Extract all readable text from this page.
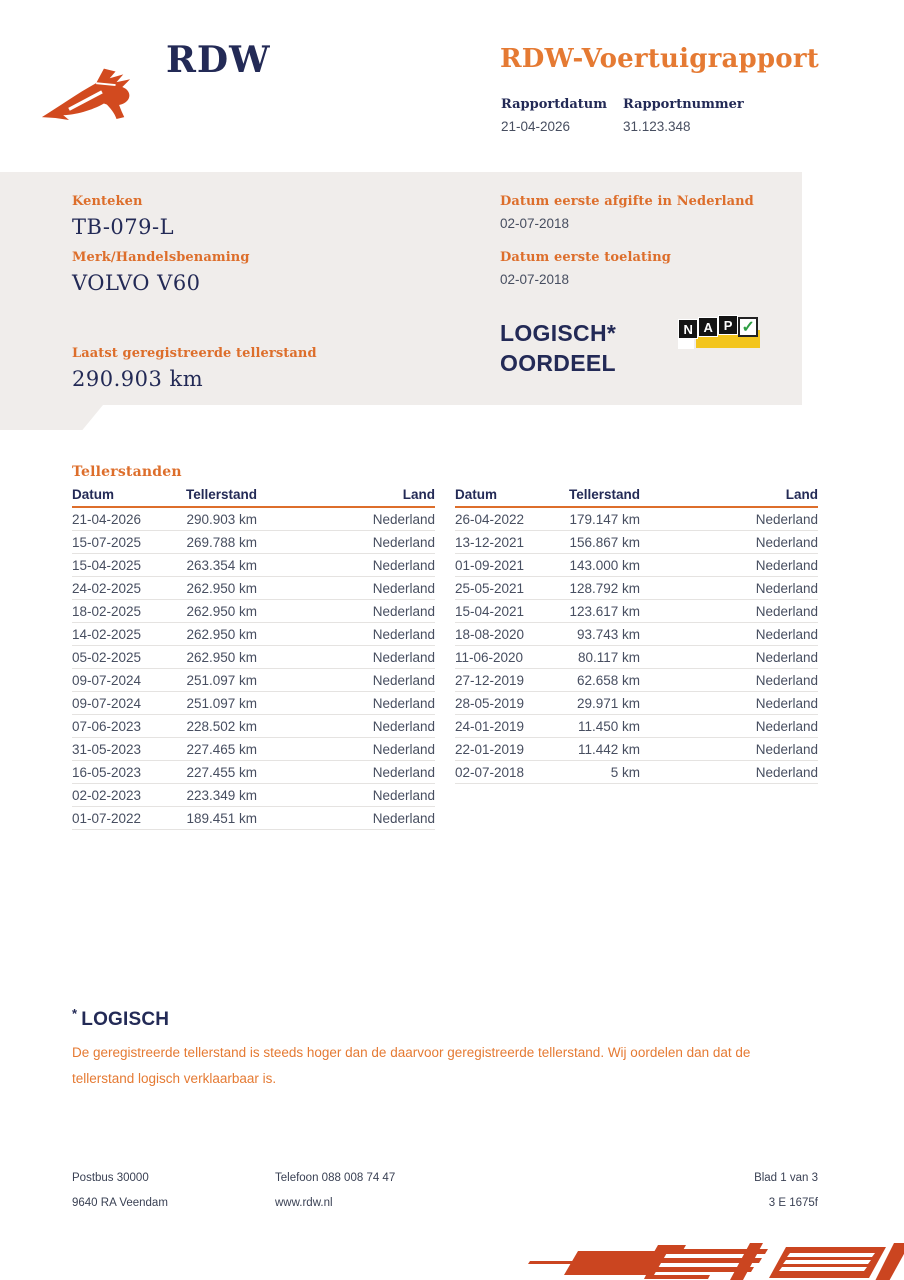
RDW	RDW-Voertuigrapport
Rapportdatum
21-04-2026
Rapportnummer
31.123.348
Kenteken
TB-079-L
Merk/Handelsbenaming
VOLVO V60
Laatst geregistreerde tellerstand
290.903 km
Datum eerste afgifte in Nederland
02-07-2018
Datum eerste toelating
02-07-2018
LOGISCH*
OORDEEL
N A P ✓
Tellerstanden
Datum	Tellerstand	Land
21-04-2026	290.903 km	Nederland
15-07-2025	269.788 km	Nederland
15-04-2025	263.354 km	Nederland
24-02-2025	262.950 km	Nederland
18-02-2025	262.950 km	Nederland
14-02-2025	262.950 km	Nederland
05-02-2025	262.950 km	Nederland
09-07-2024	251.097 km	Nederland
09-07-2024	251.097 km	Nederland
07-06-2023	228.502 km	Nederland
31-05-2023	227.465 km	Nederland
16-05-2023	227.455 km	Nederland
02-02-2023	223.349 km	Nederland
01-07-2022	189.451 km	Nederland
Datum	Tellerstand	Land
26-04-2022	179.147 km	Nederland
13-12-2021	156.867 km	Nederland
01-09-2021	143.000 km	Nederland
25-05-2021	128.792 km	Nederland
15-04-2021	123.617 km	Nederland
18-08-2020	93.743 km	Nederland
11-06-2020	80.117 km	Nederland
27-12-2019	62.658 km	Nederland
28-05-2019	29.971 km	Nederland
24-01-2019	11.450 km	Nederland
22-01-2019	11.442 km	Nederland
02-07-2018	5 km	Nederland
* LOGISCH

De geregistreerde tellerstand is steeds hoger dan de daarvoor geregistreerde tellerstand. Wij oordelen dan dat de tellerstand logisch verklaarbaar is.

Postbus 30000	Telefoon 088 008 74 47	Blad 1 van 3
9640 RA Veendam	www.rdw.nl	3 E 1675f
